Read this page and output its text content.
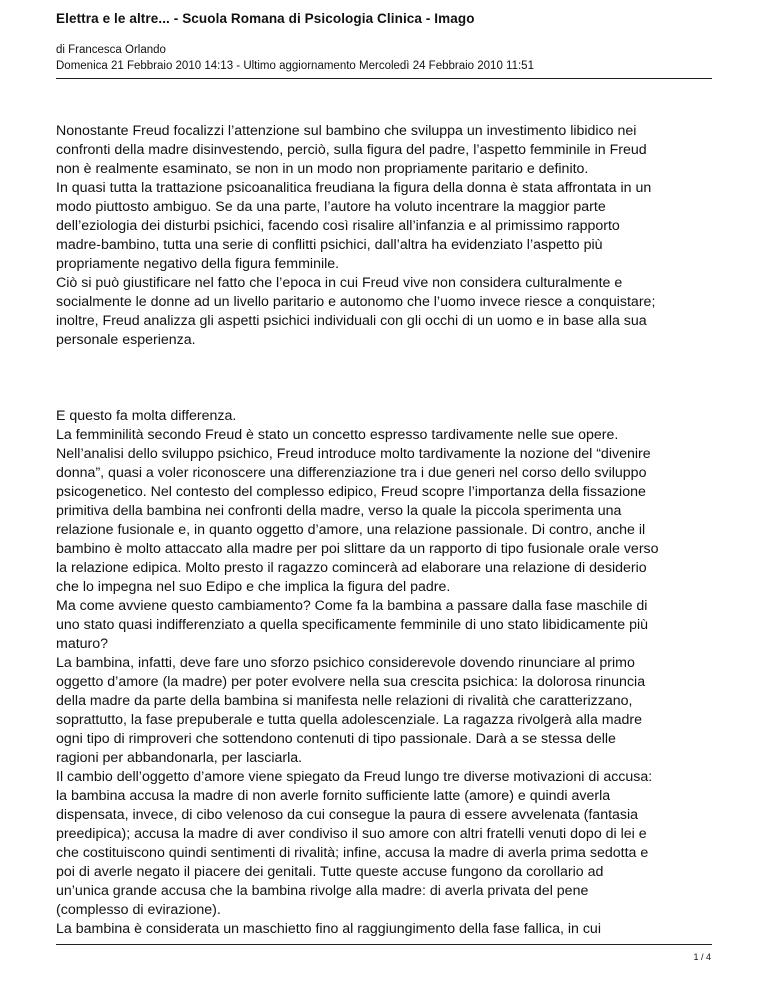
Elettra e le altre... - Scuola Romana di Psicologia Clinica - Imago
di Francesca Orlando
Domenica 21 Febbraio 2010 14:13 - Ultimo aggiornamento Mercoledì 24 Febbraio 2010 11:51

Nonostante Freud focalizzi l’attenzione sul bambino che sviluppa un investimento libidico nei
confronti della madre disinvestendo, perciò, sulla figura del padre, l’aspetto femminile in Freud
non è realmente esaminato, se non in un modo non propriamente paritario e definito.
In quasi tutta la trattazione psicoanalitica freudiana la figura della donna è stata affrontata in un
modo piuttosto ambiguo. Se da una parte, l’autore ha voluto incentrare la maggior parte
dell’eziologia dei disturbi psichici, facendo così risalire all’infanzia e al primissimo rapporto
madre-bambino, tutta una serie di conflitti psichici, dall’altra ha evidenziato l’aspetto più
propriamente negativo della figura femminile.
Ciò si può giustificare nel fatto che l’epoca in cui Freud vive non considera culturalmente e
socialmente le donne ad un livello paritario e autonomo che l’uomo invece riesce a conquistare;
inoltre, Freud analizza gli aspetti psichici individuali con gli occhi di un uomo e in base alla sua
personale esperienza.

E questo fa molta differenza.
La femminilità secondo Freud è stato un concetto espresso tardivamente nelle sue opere.
Nell’analisi dello sviluppo psichico, Freud introduce molto tardivamente la nozione del “divenire
donna”, quasi a voler riconoscere una differenziazione tra i due generi nel corso dello sviluppo
psicogenetico. Nel contesto del complesso edipico, Freud scopre l’importanza della fissazione
primitiva della bambina nei confronti della madre, verso la quale la piccola sperimenta una
relazione fusionale e, in quanto oggetto d’amore, una relazione passionale. Di contro, anche il
bambino è molto attaccato alla madre per poi slittare da un rapporto di tipo fusionale orale verso
la relazione edipica. Molto presto il ragazzo comincerà ad elaborare una relazione di desiderio
che lo impegna nel suo Edipo e che implica la figura del padre.
Ma come avviene questo cambiamento? Come fa la bambina a passare dalla fase maschile di
uno stato quasi indifferenziato a quella specificamente femminile di uno stato libidicamente più
maturo?
La bambina, infatti, deve fare uno sforzo psichico considerevole dovendo rinunciare al primo
oggetto d’amore (la madre) per poter evolvere nella sua crescita psichica: la dolorosa rinuncia
della madre da parte della bambina si manifesta nelle relazioni di rivalità che caratterizzano,
soprattutto, la fase prepuberale e tutta quella adolescenziale. La ragazza rivolgerà alla madre
ogni tipo di rimproveri che sottendono contenuti di tipo passionale. Darà a se stessa delle
ragioni per abbandonarla, per lasciarla.
Il cambio dell’oggetto d’amore viene spiegato da Freud lungo tre diverse motivazioni di accusa:
la bambina accusa la madre di non averle fornito sufficiente latte (amore) e quindi averla
dispensata, invece, di cibo velenoso da cui consegue la paura di essere avvelenata (fantasia
preedipica); accusa la madre di aver condiviso il suo amore con altri fratelli venuti dopo di lei e
che costituiscono quindi sentimenti di rivalità; infine, accusa la madre di averla prima sedotta e
poi di averle negato il piacere dei genitali. Tutte queste accuse fungono da corollario ad
un’unica grande accusa che la bambina rivolge alla madre: di averla privata del pene
(complesso di evirazione).
La bambina è considerata un maschietto fino al raggiungimento della fase fallica, in cui

1 / 4
